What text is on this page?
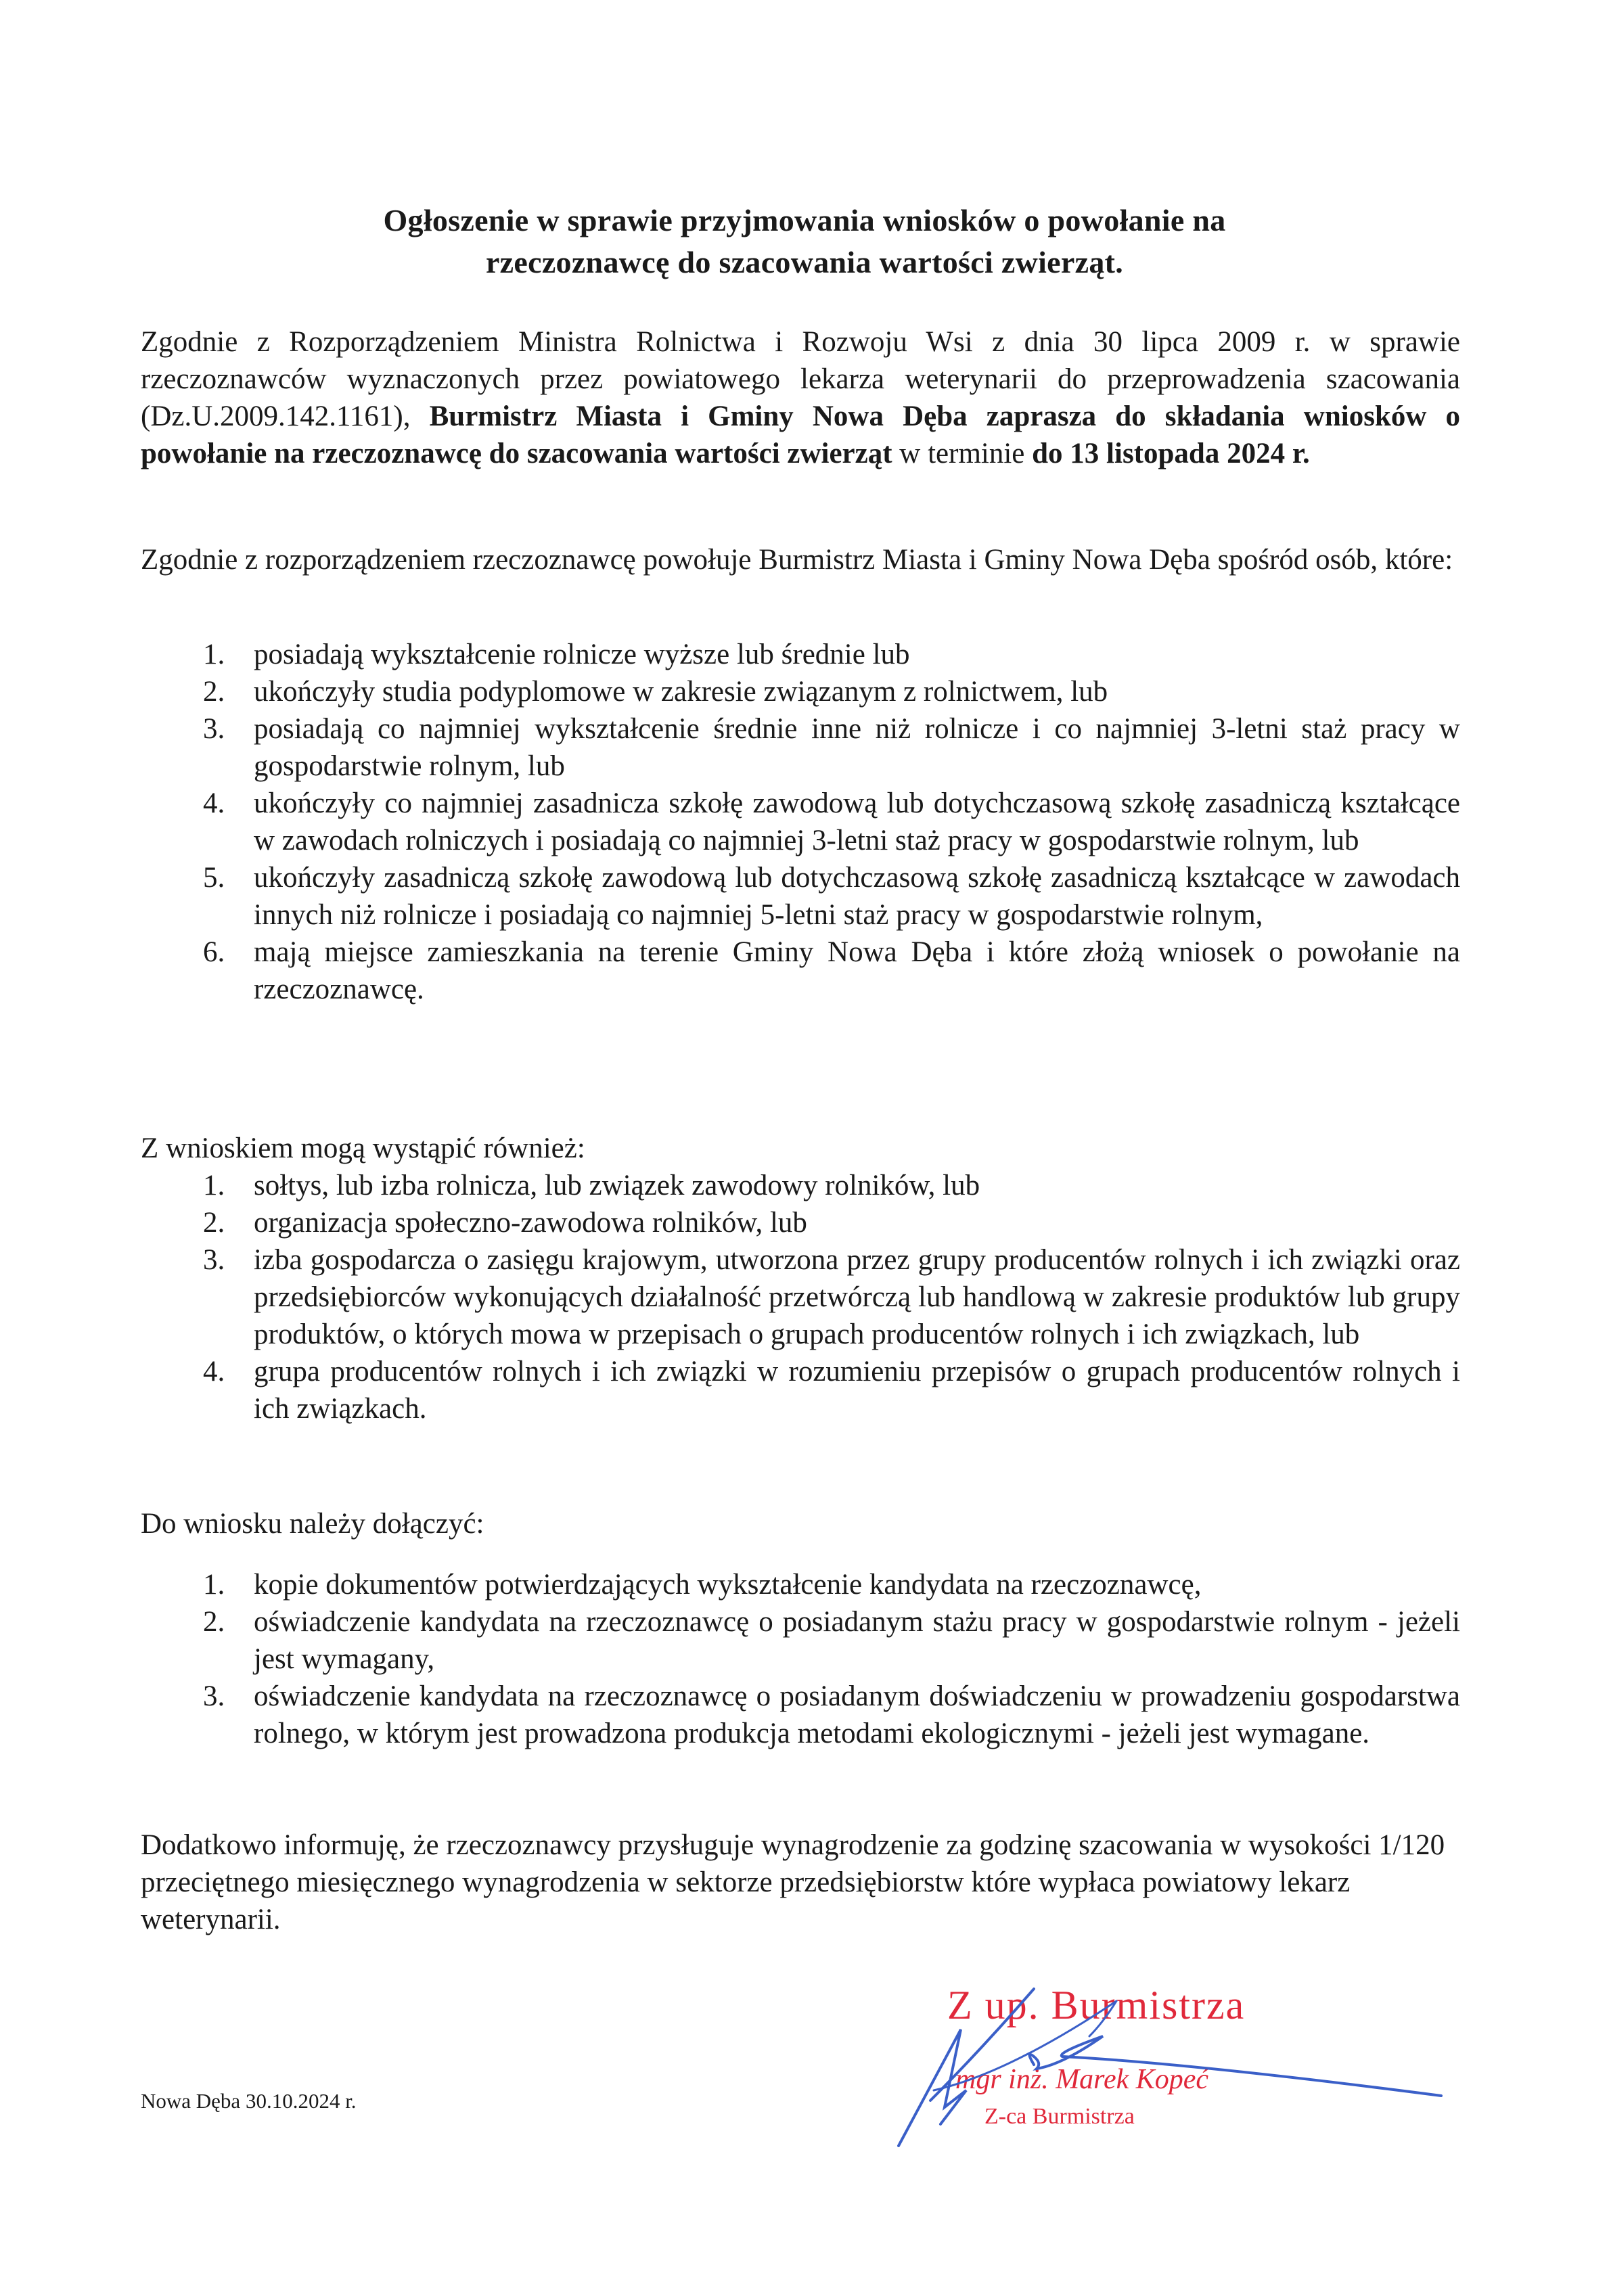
Ogłoszenie w sprawie przyjmowania wniosków o powołanie na
rzeczoznawcę do szacowania wartości zwierząt.
Zgodnie z Rozporządzeniem Ministra Rolnictwa i Rozwoju Wsi z dnia 30 lipca 2009 r. w sprawie rzeczoznawców wyznaczonych przez powiatowego lekarza weterynarii do przeprowadzenia szacowania (Dz.U.2009.142.1161), Burmistrz Miasta i Gminy Nowa Dęba zaprasza do składania wniosków o powołanie na rzeczoznawcę do szacowania wartości zwierząt w terminie do 13 listopada 2024 r.
Zgodnie z rozporządzeniem rzeczoznawcę powołuje Burmistrz Miasta i Gminy Nowa Dęba spośród osób, które:
1. posiadają wykształcenie rolnicze wyższe lub średnie lub
2. ukończyły studia podyplomowe w zakresie związanym z rolnictwem, lub
3. posiadają co najmniej wykształcenie średnie inne niż rolnicze i co najmniej 3-letni staż pracy w gospodarstwie rolnym, lub
4. ukończyły co najmniej zasadnicza szkołę zawodową lub dotychczasową szkołę zasadniczą kształcące w zawodach rolniczych i posiadają co najmniej 3-letni staż pracy w gospodarstwie rolnym, lub
5. ukończyły zasadniczą szkołę zawodową lub dotychczasową szkołę zasadniczą kształcące w zawodach innych niż rolnicze i posiadają co najmniej 5-letni staż pracy w gospodarstwie rolnym,
6. mają miejsce zamieszkania na terenie Gminy Nowa Dęba i które złożą wniosek o powołanie na rzeczoznawcę.
Z wnioskiem mogą wystąpić również:
1. sołtys, lub izba rolnicza, lub związek zawodowy rolników, lub
2. organizacja społeczno-zawodowa rolników, lub
3. izba gospodarcza o zasięgu krajowym, utworzona przez grupy producentów rolnych i ich związki oraz przedsiębiorców wykonujących działalność przetwórczą lub handlową w zakresie produktów lub grupy produktów, o których mowa w przepisach o grupach producentów rolnych i ich związkach, lub
4. grupa producentów rolnych i ich związki w rozumieniu przepisów o grupach producentów rolnych i ich związkach.
Do wniosku należy dołączyć:
1. kopie dokumentów potwierdzających wykształcenie kandydata na rzeczoznawcę,
2. oświadczenie kandydata na rzeczoznawcę o posiadanym stażu pracy w gospodarstwie rolnym - jeżeli jest wymagany,
3. oświadczenie kandydata na rzeczoznawcę o posiadanym doświadczeniu w prowadzeniu gospodarstwa rolnego, w którym jest prowadzona produkcja metodami ekologicznymi - jeżeli jest wymagane.
Dodatkowo informuję, że rzeczoznawcy przysługuje wynagrodzenie za godzinę szacowania w wysokości 1/120 przeciętnego miesięcznego wynagrodzenia w sektorze przedsiębiorstw które wypłaca powiatowy lekarz weterynarii.
Nowa Dęba 30.10.2024 r.
Z up. Burmistrza
mgr inż. Marek Kopeć
Z-ca Burmistrza
